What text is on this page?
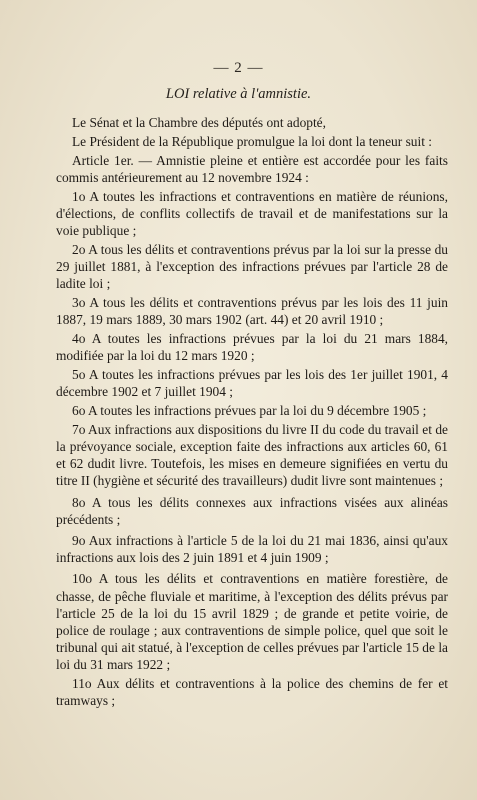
— 2 —
LOI relative à l'amnistie.

Le Sénat et la Chambre des députés ont adopté,

Le Président de la République promulgue la loi dont la teneur suit :

Article 1er. — Amnistie pleine et entière est accordée pour les faits commis antérieurement au 12 novembre 1924 :

1o A toutes les infractions et contraventions en matière de réunions, d'élections, de conflits collectifs de travail et de manifestations sur la voie publique ;

2o A tous les délits et contraventions prévus par la loi sur la presse du 29 juillet 1881, à l'exception des infractions prévues par l'article 28 de ladite loi ;

3o A tous les délits et contraventions prévus par les lois des 11 juin 1887, 19 mars 1889, 30 mars 1902 (art. 44) et 20 avril 1910 ;

4o A toutes les infractions prévues par la loi du 21 mars 1884, modifiée par la loi du 12 mars 1920 ;

5o A toutes les infractions prévues par les lois des 1er juillet 1901, 4 décembre 1902 et 7 juillet 1904 ;

6o A toutes les infractions prévues par la loi du 9 décembre 1905 ;

7o Aux infractions aux dispositions du livre II du code du travail et de la prévoyance sociale, exception faite des infractions aux articles 60, 61 et 62 dudit livre. Toutefois, les mises en demeure signifiées en vertu du titre II (hygiène et sécurité des travailleurs) dudit livre sont maintenues ;

8o A tous les délits connexes aux infractions visées aux alinéas précédents ;

9o Aux infractions à l'article 5 de la loi du 21 mai 1836, ainsi qu'aux infractions aux lois des 2 juin 1891 et 4 juin 1909 ;

10o A tous les délits et contraventions en matière forestière, de chasse, de pêche fluviale et maritime, à l'exception des délits prévus par l'article 25 de la loi du 15 avril 1829 ; de grande et petite voirie, de police de roulage ; aux contraventions de simple police, quel que soit le tribunal qui ait statué, à l'exception de celles prévues par l'article 15 de la loi du 31 mars 1922 ;

11o Aux délits et contraventions à la police des chemins de fer et tramways ;
